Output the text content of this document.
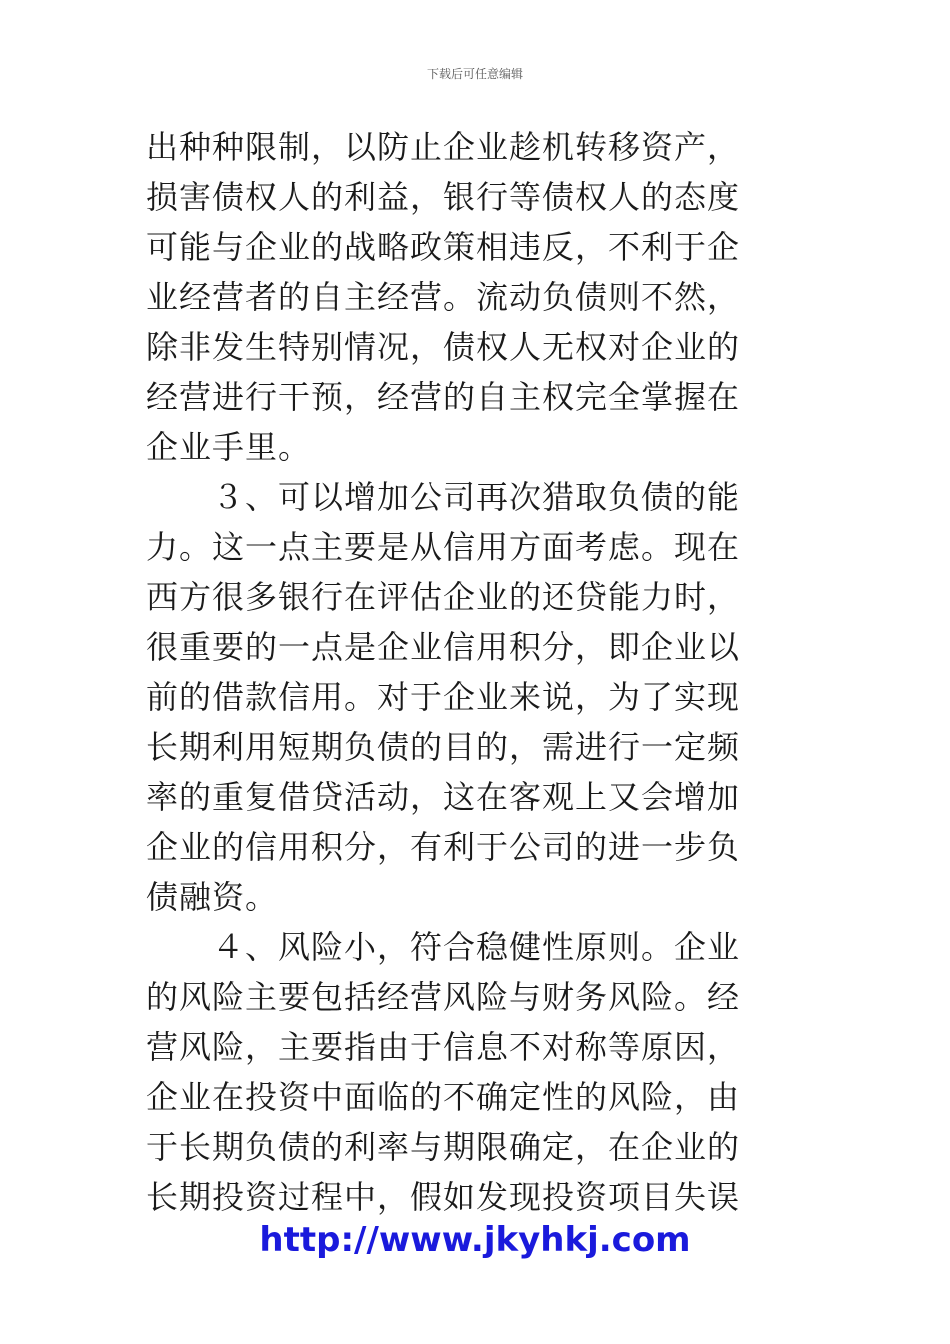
下载后可任意编辑
出种种限制，以防止企业趁机转移资产，
损害债权人的利益，银行等债权人的态度
可能与企业的战略政策相违反，不利于企
业经营者的自主经营。流动负债则不然，
除非发生特别情况，债权人无权对企业的
经营进行干预，经营的自主权完全掌握在
企业手里。
　　３、可以增加公司再次猎取负债的能
力。这一点主要是从信用方面考虑。现在
西方很多银行在评估企业的还贷能力时，
很重要的一点是企业信用积分，即企业以
前的借款信用。对于企业来说，为了实现
长期利用短期负债的目的，需进行一定频
率的重复借贷活动，这在客观上又会增加
企业的信用积分，有利于公司的进一步负
债融资。
　　４、风险小，符合稳健性原则。企业
的风险主要包括经营风险与财务风险。经
营风险，主要指由于信息不对称等原因，
企业在投资中面临的不确定性的风险，由
于长期负债的利率与期限确定，在企业的
长期投资过程中，假如发现投资项目失误
http://www.jkyhkj.com
